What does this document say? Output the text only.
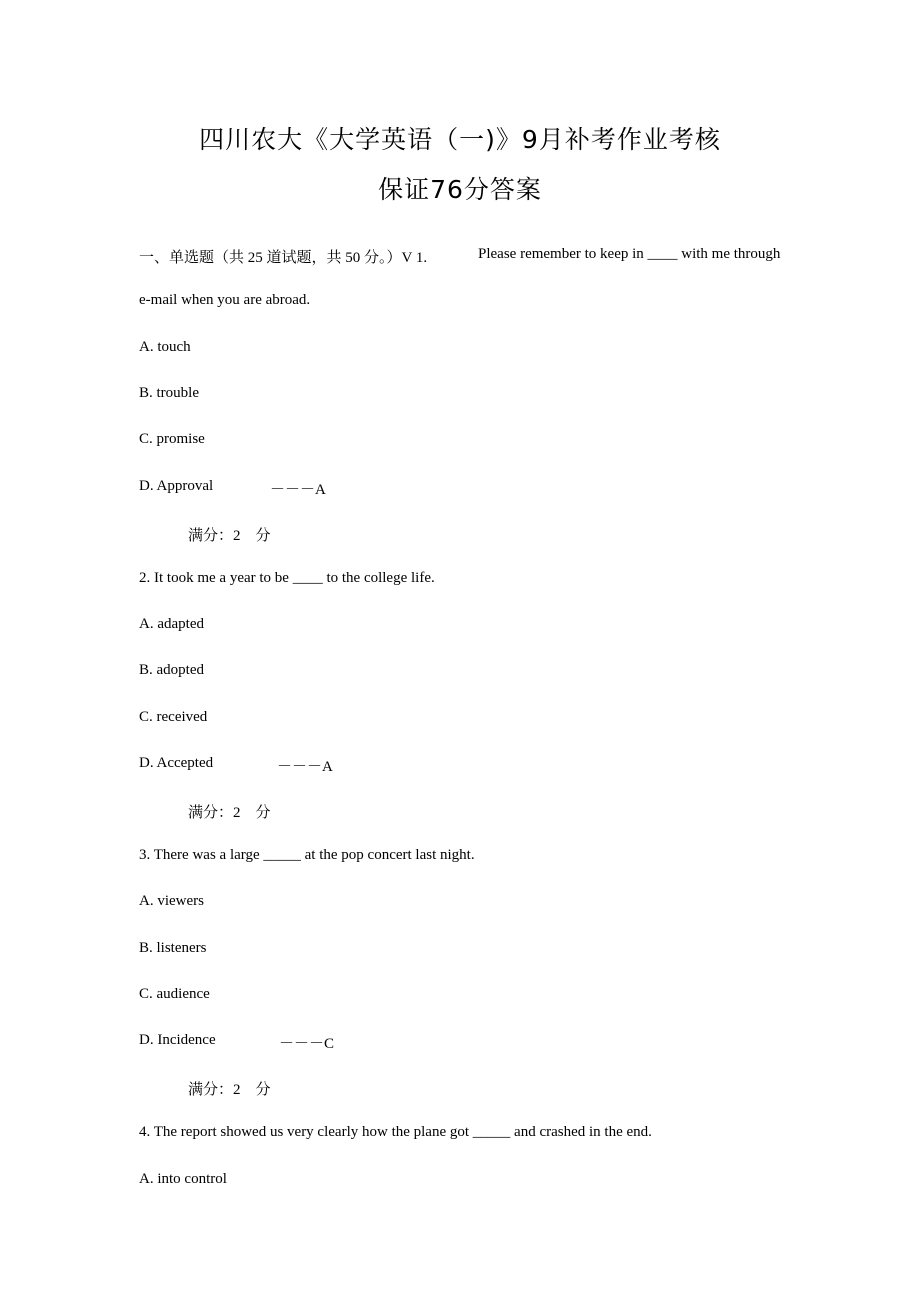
四川农大《大学英语（一)》9月补考作业考核
保证76分答案
一、单选题（共 25 道试题，共 50 分。）V 1.	Please remember to keep in ____ with me through
e-mail when you are abroad.
A. touch
B. trouble
C. promise
D. Approval	－－－A
满分：2　分
2. It took me a year to be ____ to the college life.
A. adapted
B. adopted
C. received
D. Accepted	－－－A
满分：2　分
3. There was a large _____ at the pop concert last night.
A. viewers
B. listeners
C. audience
D. Incidence	－－－C
满分：2　分
4. The report showed us very clearly how the plane got _____ and crashed in the end.
A. into control
